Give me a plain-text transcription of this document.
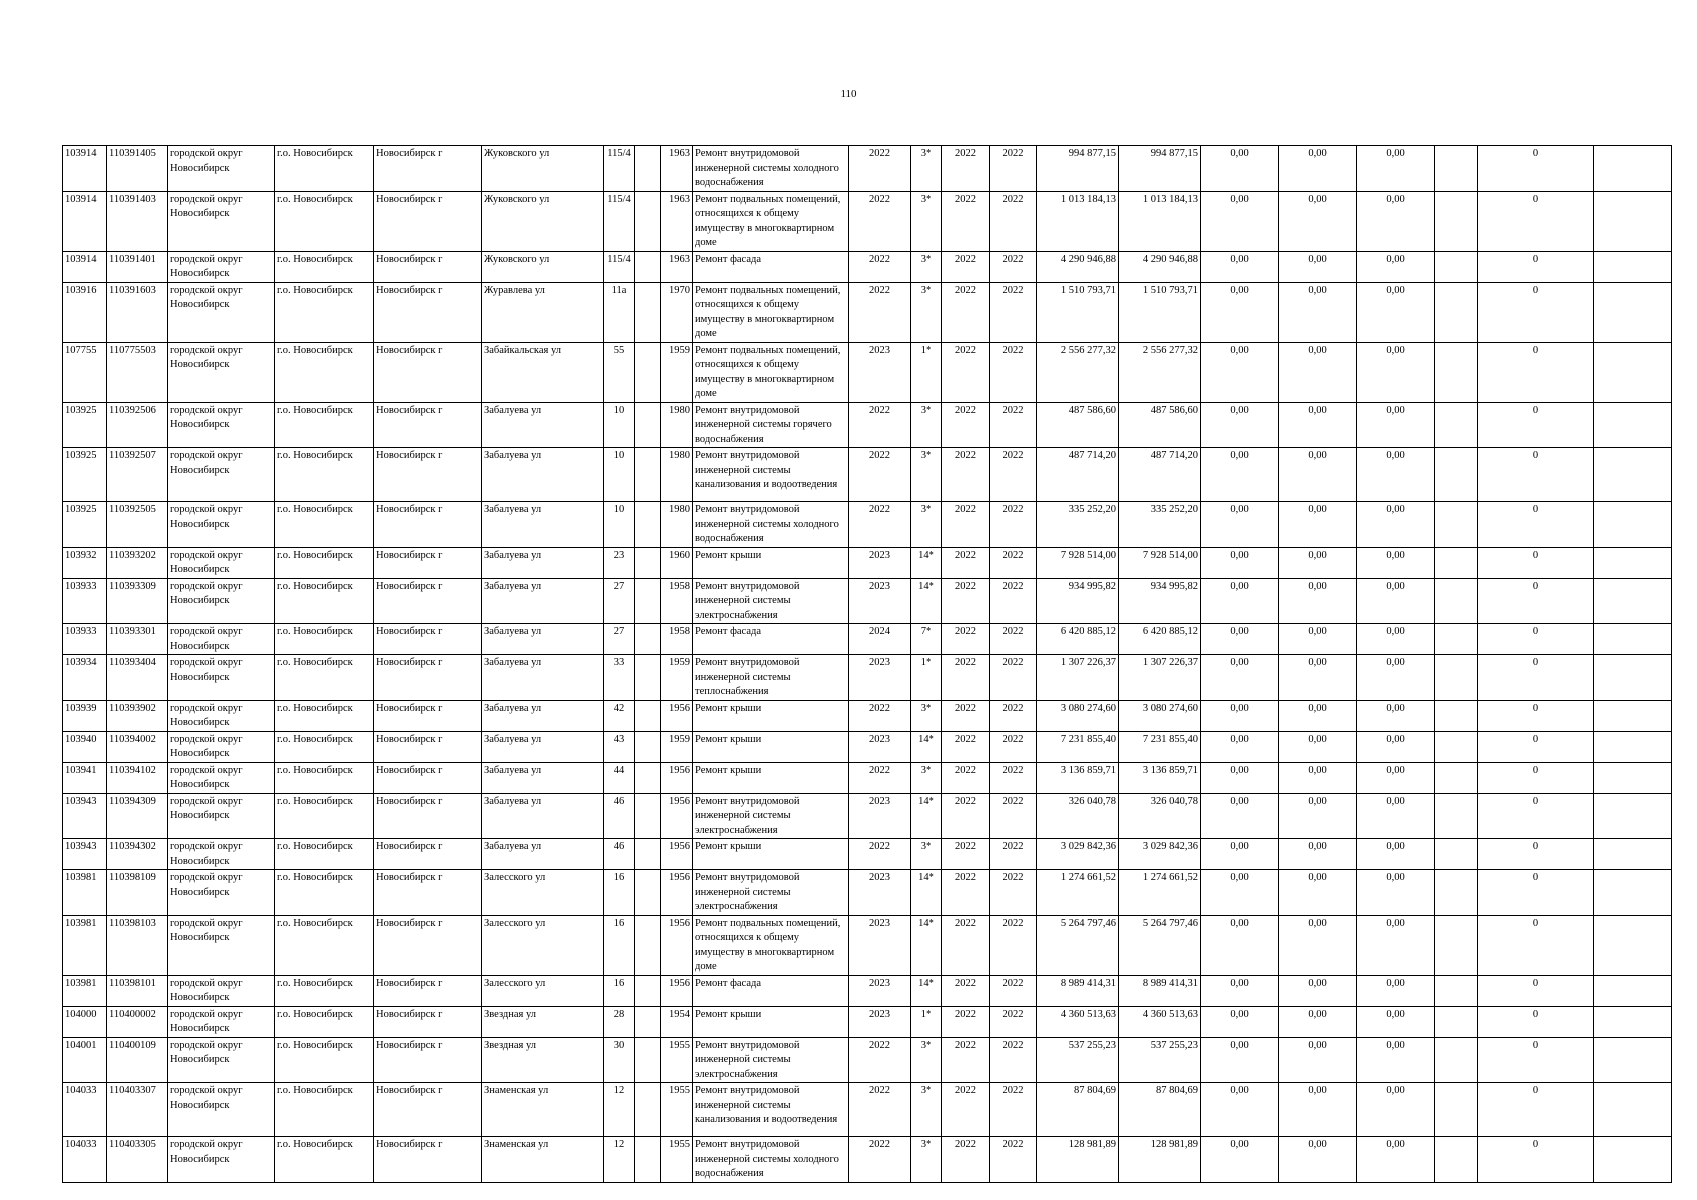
110
103914	110391405	городской округ Новосибирск	г.о. Новосибирск	Новосибирск г	Жуковского ул	115/4		1963	Ремонт внутридомовой инженерной системы холодного водоснабжения	2022	3*	2022	2022	994 877,15	994 877,15	0,00	0,00	0,00		0	
103914	110391403	городской округ Новосибирск	г.о. Новосибирск	Новосибирск г	Жуковского ул	115/4		1963	Ремонт подвальных помещений, относящихся к общему имуществу в многоквартирном доме	2022	3*	2022	2022	1 013 184,13	1 013 184,13	0,00	0,00	0,00		0	
103914	110391401	городской округ Новосибирск	г.о. Новосибирск	Новосибирск г	Жуковского ул	115/4		1963	Ремонт фасада	2022	3*	2022	2022	4 290 946,88	4 290 946,88	0,00	0,00	0,00		0	
103916	110391603	городской округ Новосибирск	г.о. Новосибирск	Новосибирск г	Журавлева ул	11а		1970	Ремонт подвальных помещений, относящихся к общему имуществу в многоквартирном доме	2022	3*	2022	2022	1 510 793,71	1 510 793,71	0,00	0,00	0,00		0	
107755	110775503	городской округ Новосибирск	г.о. Новосибирск	Новосибирск г	Забайкальская ул	55		1959	Ремонт подвальных помещений, относящихся к общему имуществу в многоквартирном доме	2023	1*	2022	2022	2 556 277,32	2 556 277,32	0,00	0,00	0,00		0	
103925	110392506	городской округ Новосибирск	г.о. Новосибирск	Новосибирск г	Забалуева ул	10		1980	Ремонт внутридомовой инженерной системы горячего водоснабжения	2022	3*	2022	2022	487 586,60	487 586,60	0,00	0,00	0,00		0	
103925	110392507	городской округ Новосибирск	г.о. Новосибирск	Новосибирск г	Забалуева ул	10		1980	Ремонт внутридомовой инженерной системы канализования и водоотведения	2022	3*	2022	2022	487 714,20	487 714,20	0,00	0,00	0,00		0	
103925	110392505	городской округ Новосибирск	г.о. Новосибирск	Новосибирск г	Забалуева ул	10		1980	Ремонт внутридомовой инженерной системы холодного водоснабжения	2022	3*	2022	2022	335 252,20	335 252,20	0,00	0,00	0,00		0	
103932	110393202	городской округ Новосибирск	г.о. Новосибирск	Новосибирск г	Забалуева ул	23		1960	Ремонт крыши	2023	14*	2022	2022	7 928 514,00	7 928 514,00	0,00	0,00	0,00		0	
103933	110393309	городской округ Новосибирск	г.о. Новосибирск	Новосибирск г	Забалуева ул	27		1958	Ремонт внутридомовой инженерной системы электроснабжения	2023	14*	2022	2022	934 995,82	934 995,82	0,00	0,00	0,00		0	
103933	110393301	городской округ Новосибирск	г.о. Новосибирск	Новосибирск г	Забалуева ул	27		1958	Ремонт фасада	2024	7*	2022	2022	6 420 885,12	6 420 885,12	0,00	0,00	0,00		0	
103934	110393404	городской округ Новосибирск	г.о. Новосибирск	Новосибирск г	Забалуева ул	33		1959	Ремонт внутридомовой инженерной системы теплоснабжения	2023	1*	2022	2022	1 307 226,37	1 307 226,37	0,00	0,00	0,00		0	
103939	110393902	городской округ Новосибирск	г.о. Новосибирск	Новосибирск г	Забалуева ул	42		1956	Ремонт крыши	2022	3*	2022	2022	3 080 274,60	3 080 274,60	0,00	0,00	0,00		0	
103940	110394002	городской округ Новосибирск	г.о. Новосибирск	Новосибирск г	Забалуева ул	43		1959	Ремонт крыши	2023	14*	2022	2022	7 231 855,40	7 231 855,40	0,00	0,00	0,00		0	
103941	110394102	городской округ Новосибирск	г.о. Новосибирск	Новосибирск г	Забалуева ул	44		1956	Ремонт крыши	2022	3*	2022	2022	3 136 859,71	3 136 859,71	0,00	0,00	0,00		0	
103943	110394309	городской округ Новосибирск	г.о. Новосибирск	Новосибирск г	Забалуева ул	46		1956	Ремонт внутридомовой инженерной системы электроснабжения	2023	14*	2022	2022	326 040,78	326 040,78	0,00	0,00	0,00		0	
103943	110394302	городской округ Новосибирск	г.о. Новосибирск	Новосибирск г	Забалуева ул	46		1956	Ремонт крыши	2022	3*	2022	2022	3 029 842,36	3 029 842,36	0,00	0,00	0,00		0	
103981	110398109	городской округ Новосибирск	г.о. Новосибирск	Новосибирск г	Залесского ул	16		1956	Ремонт внутридомовой инженерной системы электроснабжения	2023	14*	2022	2022	1 274 661,52	1 274 661,52	0,00	0,00	0,00		0	
103981	110398103	городской округ Новосибирск	г.о. Новосибирск	Новосибирск г	Залесского ул	16		1956	Ремонт подвальных помещений, относящихся к общему имуществу в многоквартирном доме	2023	14*	2022	2022	5 264 797,46	5 264 797,46	0,00	0,00	0,00		0	
103981	110398101	городской округ Новосибирск	г.о. Новосибирск	Новосибирск г	Залесского ул	16		1956	Ремонт фасада	2023	14*	2022	2022	8 989 414,31	8 989 414,31	0,00	0,00	0,00		0	
104000	110400002	городской округ Новосибирск	г.о. Новосибирск	Новосибирск г	Звездная ул	28		1954	Ремонт крыши	2023	1*	2022	2022	4 360 513,63	4 360 513,63	0,00	0,00	0,00		0	
104001	110400109	городской округ Новосибирск	г.о. Новосибирск	Новосибирск г	Звездная ул	30		1955	Ремонт внутридомовой инженерной системы электроснабжения	2022	3*	2022	2022	537 255,23	537 255,23	0,00	0,00	0,00		0	
104033	110403307	городской округ Новосибирск	г.о. Новосибирск	Новосибирск г	Знаменская ул	12		1955	Ремонт внутридомовой инженерной системы канализования и водоотведения	2022	3*	2022	2022	87 804,69	87 804,69	0,00	0,00	0,00		0	
104033	110403305	городской округ Новосибирск	г.о. Новосибирск	Новосибирск г	Знаменская ул	12		1955	Ремонт внутридомовой инженерной системы холодного водоснабжения	2022	3*	2022	2022	128 981,89	128 981,89	0,00	0,00	0,00		0	
